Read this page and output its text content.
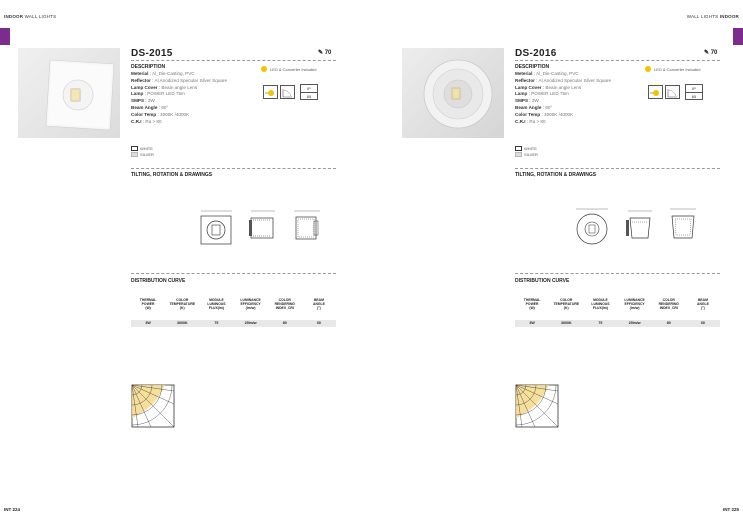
INDOOR WALL LIGHTS
DS-2015	✎ 70
DESCRIPTION
Meterial : Al_Die-Casting, PVC
Reflector : Al Anodized Specular Silver Square
Lamp Cover : Beam angle Lens
Lamp : POWER LED 75m
SMPS : 3W
Beam Angle : 60°
Color Temp : 3000K /4000K
C.R.I : Ra > 80
LED & Converter Included
IP
65
WHITE
SILVER
TILTING, ROTATION & DRAWINGS
DISTRIBUTION CURVE
THERMAL
POWER
(W)
COLOR
TEMPERATURE
(K)
MODULE
LUMINOUS
FLUX(lm)
LUMINANCE
EFFICIENCY
(lm/w)
COLOR
RENDERING
INDEX_CRI
BEAM
ANGLE
(°)
3W	3000K	75	25lm/w	80	60
INT 224
WALL LIGHTS INDOOR
DS-2016	✎ 70
DESCRIPTION
Meterial : Al_Die-Casting, PVC
Reflector : Al Anodized Specular Silver Square
Lamp Cover : Beam angle Lens
Lamp : POWER LED 75m
SMPS : 3W
Beam Angle : 60°
Color Temp : 3000K /4000K
C.R.I : Ra > 80
LED & Converter Included
IP
65
WHITE
SILVER
TILTING, ROTATION & DRAWINGS
DISTRIBUTION CURVE
THERMAL
POWER
(W)
COLOR
TEMPERATURE
(K)
MODULE
LUMINOUS
FLUX(lm)
LUMINANCE
EFFICIENCY
(lm/w)
COLOR
RENDERING
INDEX_CRI
BEAM
ANGLE
(°)
3W	3000K	75	25lm/w	80	60
INT 225
